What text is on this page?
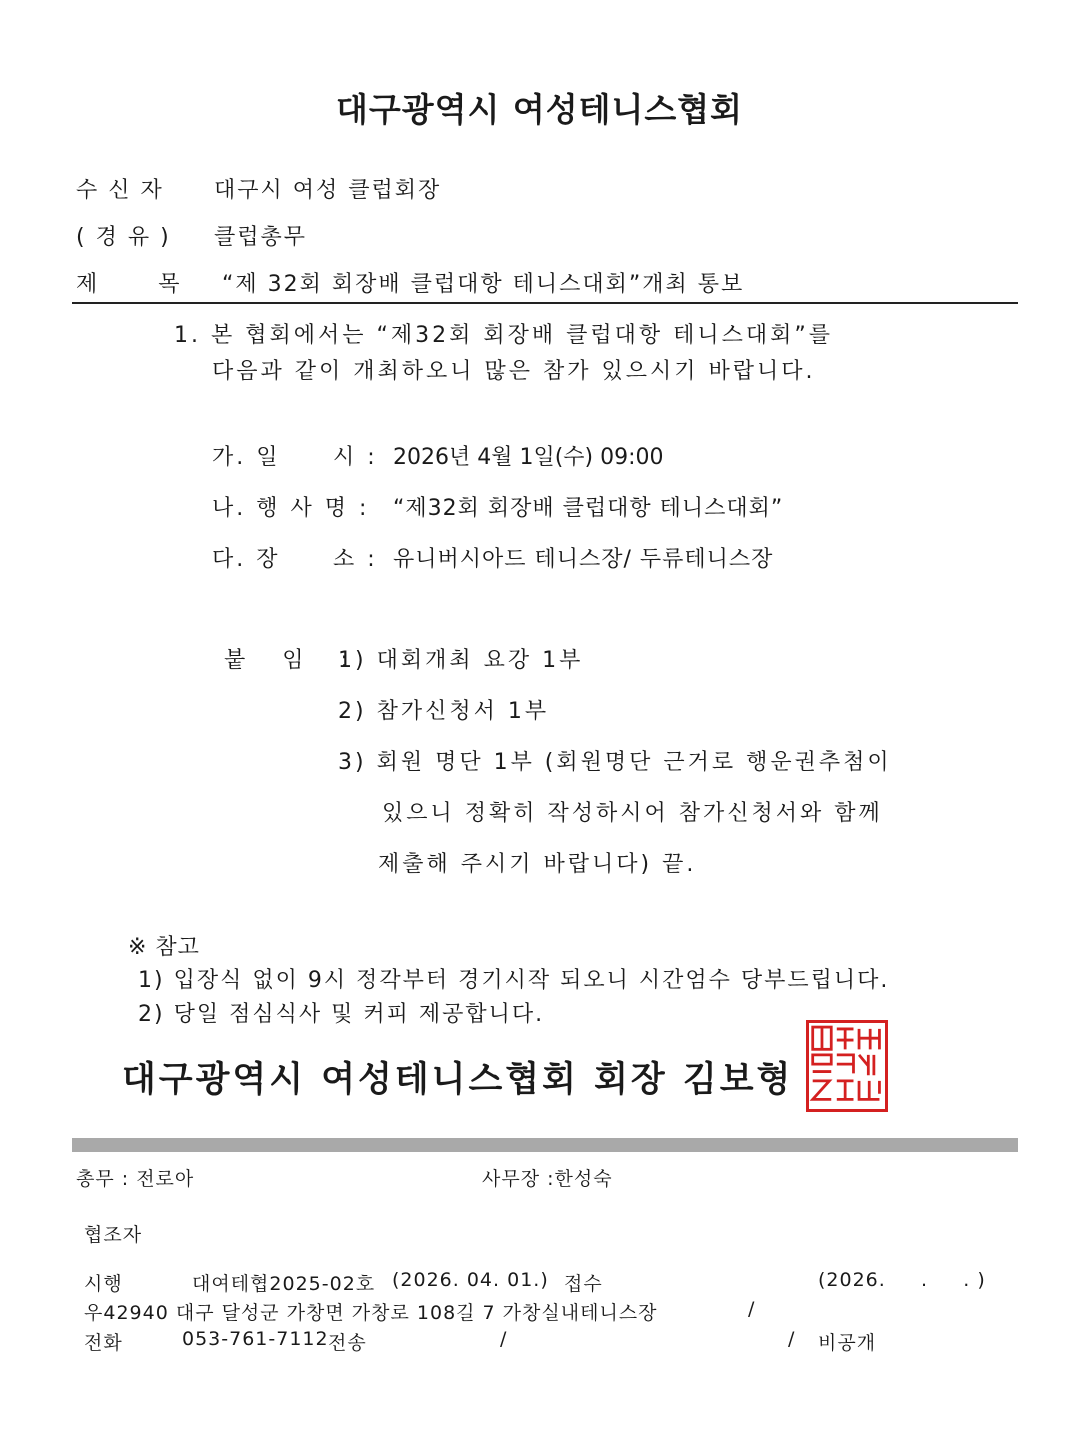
대구광역시 여성테니스협회
수 신 자 대구시 여성 클럽회장
( 경 유 ) 클럽총무
제 목 “제 32회 회장배 클럽대항 테니스대회”개최 통보
1. 본 협회에서는 “제32회 회장배 클럽대항 테니스대회”를
다음과 같이 개최하오니 많은 참가 있으시기 바랍니다.
가. 일 시 : 2026년 4월 1일(수) 09:00
나. 행 사 명 : “제32회 회장배 클럽대항 테니스대회”
다. 장 소 : 유니버시아드 테니스장/ 두류테니스장
붙 임 :
1) 대회개최 요강 1부
2) 참가신청서 1부
3) 회원 명단 1부 (회원명단 근거로 행운권추첨이
있으니 정확히 작성하시어 참가신청서와 함께
제출해 주시기 바랍니다) 끝.
※ 참고
1) 입장식 없이 9시 정각부터 경기시작 되오니 시간엄수 당부드립니다.
2) 당일 점심식사 및 커피 제공합니다.
대구광역시 여성테니스협회 회장 김보형
총무 : 전로아	사무장 :한성숙
협조자
시행	대여테협2025-02호 (2026. 04. 01.) 접수	(2026.     .     . )
우42940 대구 달성군 가창면 가창로 108길 7 가창실내테니스장	/
전화	053-761-7112 전송	/	/ 비공개
